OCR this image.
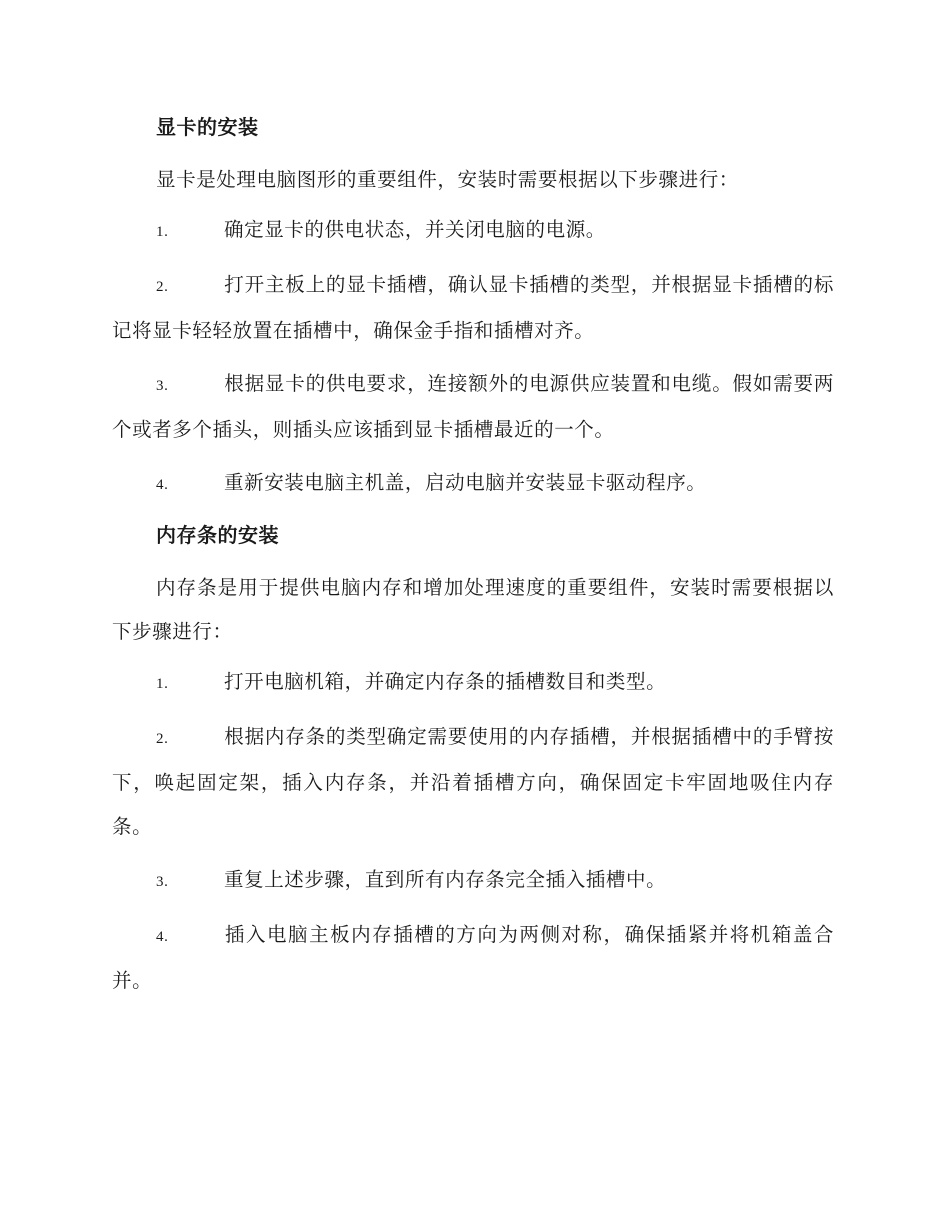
显卡的安装

显卡是处理电脑图形的重要组件，安装时需要根据以下步骤进行：

1.	确定显卡的供电状态，并关闭电脑的电源。

2.	打开主板上的显卡插槽，确认显卡插槽的类型，并根据显卡插槽的标记将显卡轻轻放置在插槽中，确保金手指和插槽对齐。

3.	根据显卡的供电要求，连接额外的电源供应装置和电缆。假如需要两个或者多个插头，则插头应该插到显卡插槽最近的一个。

4.	重新安装电脑主机盖，启动电脑并安装显卡驱动程序。

内存条的安装

内存条是用于提供电脑内存和增加处理速度的重要组件，安装时需要根据以下步骤进行：

1.	打开电脑机箱，并确定内存条的插槽数目和类型。

2.	根据内存条的类型确定需要使用的内存插槽，并根据插槽中的手臂按下，唤起固定架，插入内存条，并沿着插槽方向，确保固定卡牢固地吸住内存条。

3.	重复上述步骤，直到所有内存条完全插入插槽中。

4.	插入电脑主板内存插槽的方向为两侧对称，确保插紧并将机箱盖合并。
